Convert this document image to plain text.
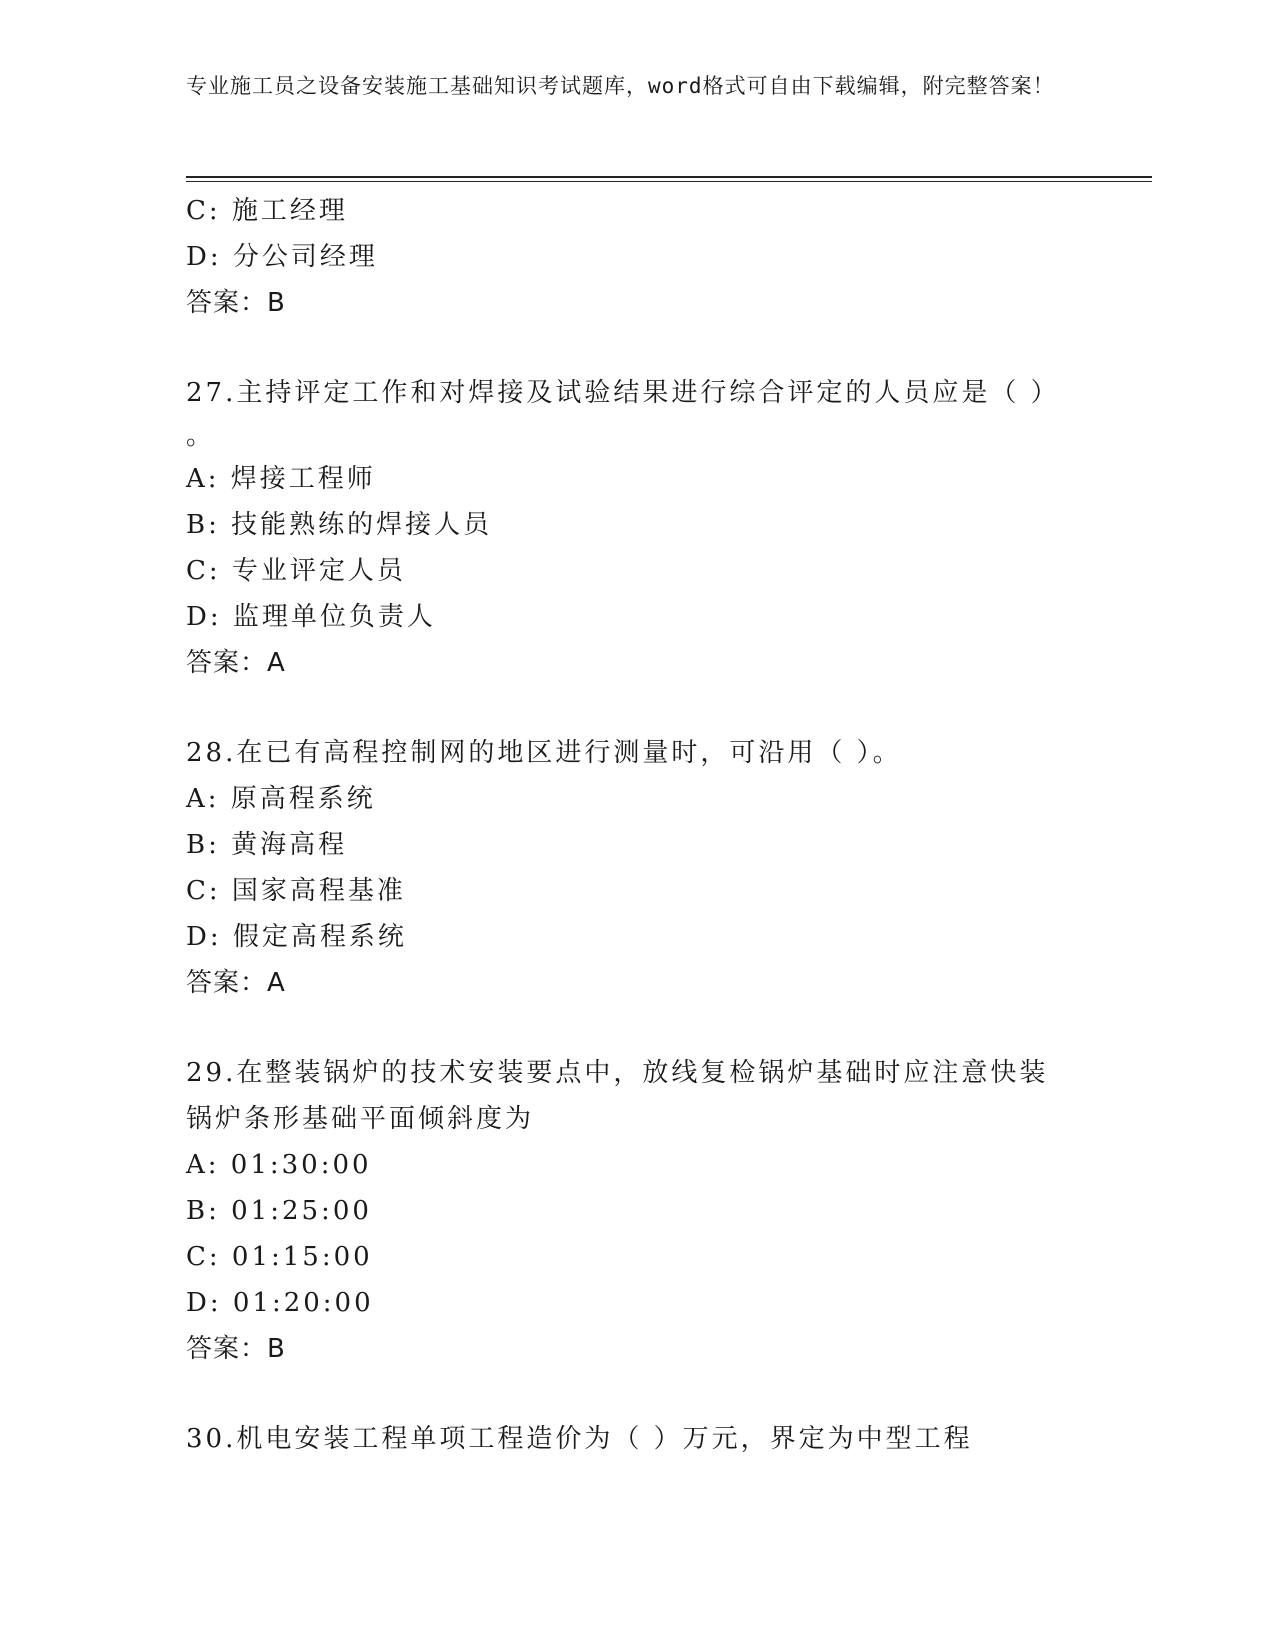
专业施工员之设备安装施工基础知识考试题库，word格式可自由下载编辑，附完整答案！
C: 施工经理
D: 分公司经理
答案：B
27.主持评定工作和对焊接及试验结果进行综合评定的人员应是（ ）
。
A: 焊接工程师
B: 技能熟练的焊接人员
C: 专业评定人员
D: 监理单位负责人
答案：A
28.在已有高程控制网的地区进行测量时，可沿用（ ）。
A: 原高程系统
B: 黄海高程
C: 国家高程基准
D: 假定高程系统
答案：A
29.在整装锅炉的技术安装要点中，放线复检锅炉基础时应注意快装锅炉条形基础平面倾斜度为
A: 01:30:00
B: 01:25:00
C: 01:15:00
D: 01:20:00
答案：B
30.机电安装工程单项工程造价为（ ）万元，界定为中型工程
